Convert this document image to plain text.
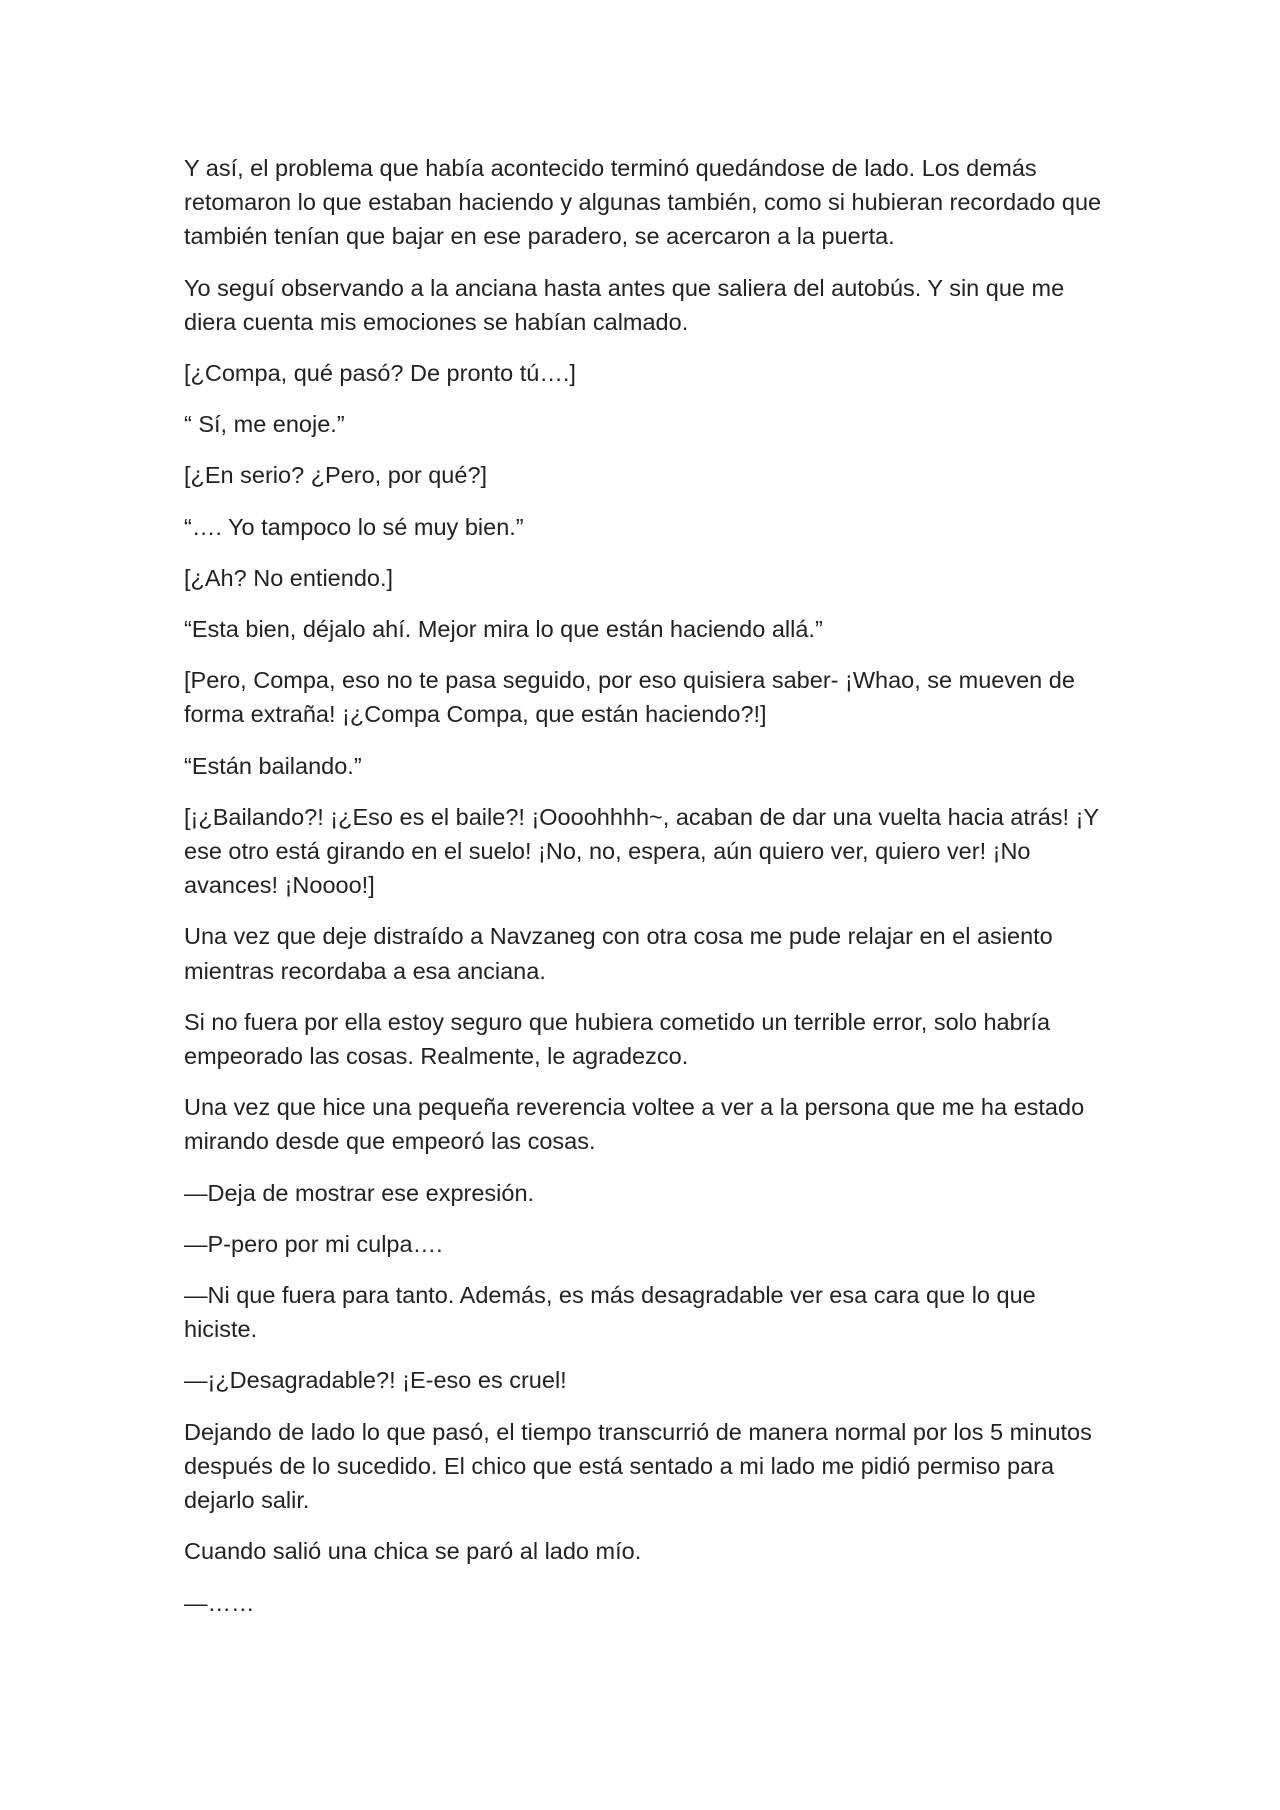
Y así, el problema que había acontecido terminó quedándose de lado. Los demás retomaron lo que estaban haciendo y algunas también, como si hubieran recordado que también tenían que bajar en ese paradero, se acercaron a la puerta.

Yo seguí observando a la anciana hasta antes que saliera del autobús. Y sin que me diera cuenta mis emociones se habían calmado.

[¿Compa, qué pasó? De pronto tú….]

“ Sí, me enoje.”

[¿En serio? ¿Pero, por qué?]

“…. Yo tampoco lo sé muy bien.”

[¿Ah? No entiendo.]

“Esta bien, déjalo ahí. Mejor mira lo que están haciendo allá.”

[Pero, Compa, eso no te pasa seguido, por eso quisiera saber- ¡Whao, se mueven de forma extraña! ¡¿Compa Compa, que están haciendo?!]

“Están bailando.”

[¡¿Bailando?! ¡¿Eso es el baile?! ¡Oooohhhh~, acaban de dar una vuelta hacia atrás! ¡Y ese otro está girando en el suelo! ¡No, no, espera, aún quiero ver, quiero ver! ¡No avances! ¡Noooo!]

Una vez que deje distraído a Navzaneg con otra cosa me pude relajar en el asiento mientras recordaba a esa anciana.

Si no fuera por ella estoy seguro que hubiera cometido un terrible error, solo habría empeorado las cosas. Realmente, le agradezco.

Una vez que hice una pequeña reverencia voltee a ver a la persona que me ha estado mirando desde que empeoró las cosas.

—Deja de mostrar ese expresión.

—P-pero por mi culpa….

—Ni que fuera para tanto. Además, es más desagradable ver esa cara que lo que hiciste.

—¡¿Desagradable?! ¡E-eso es cruel!

Dejando de lado lo que pasó, el tiempo transcurrió de manera normal por los 5 minutos después de lo sucedido. El chico que está sentado a mi lado me pidió permiso para dejarlo salir.

Cuando salió una chica se paró al lado mío.

—……
